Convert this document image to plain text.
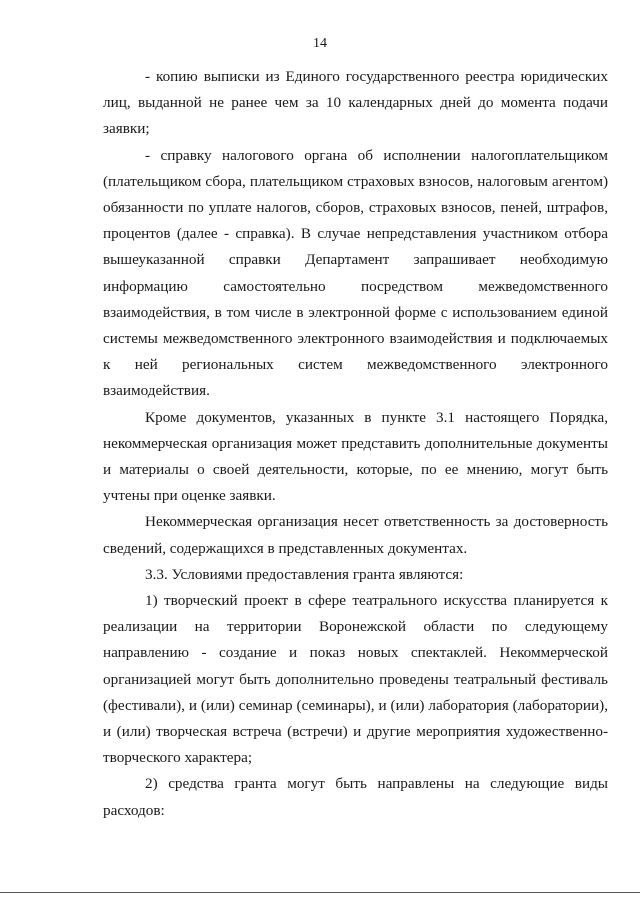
14

- копию выписки из Единого государственного реестра юридических лиц, выданной не ранее чем за 10 календарных дней до момента подачи заявки;

- справку налогового органа об исполнении налогоплательщиком (плательщиком сбора, плательщиком страховых взносов, налоговым агентом) обязанности по уплате налогов, сборов, страховых взносов, пеней, штрафов, процентов (далее - справка). В случае непредставления участником отбора вышеуказанной справки Департамент запрашивает необходимую информацию самостоятельно посредством межведомственного взаимодействия, в том числе в электронной форме с использованием единой системы межведомственного электронного взаимодействия и подключаемых к ней региональных систем межведомственного электронного взаимодействия.

Кроме документов, указанных в пункте 3.1 настоящего Порядка, некоммерческая организация может представить дополнительные документы и материалы о своей деятельности, которые, по ее мнению, могут быть учтены при оценке заявки.

Некоммерческая организация несет ответственность за достоверность сведений, содержащихся в представленных документах.

3.3. Условиями предоставления гранта являются:

1) творческий проект в сфере театрального искусства планируется к реализации на территории Воронежской области по следующему направлению - создание и показ новых спектаклей. Некоммерческой организацией могут быть дополнительно проведены театральный фестиваль (фестивали), и (или) семинар (семинары), и (или) лаборатория (лаборатории), и (или) творческая встреча (встречи) и другие мероприятия художественно-творческого характера;

2) средства гранта могут быть направлены на следующие виды расходов:
